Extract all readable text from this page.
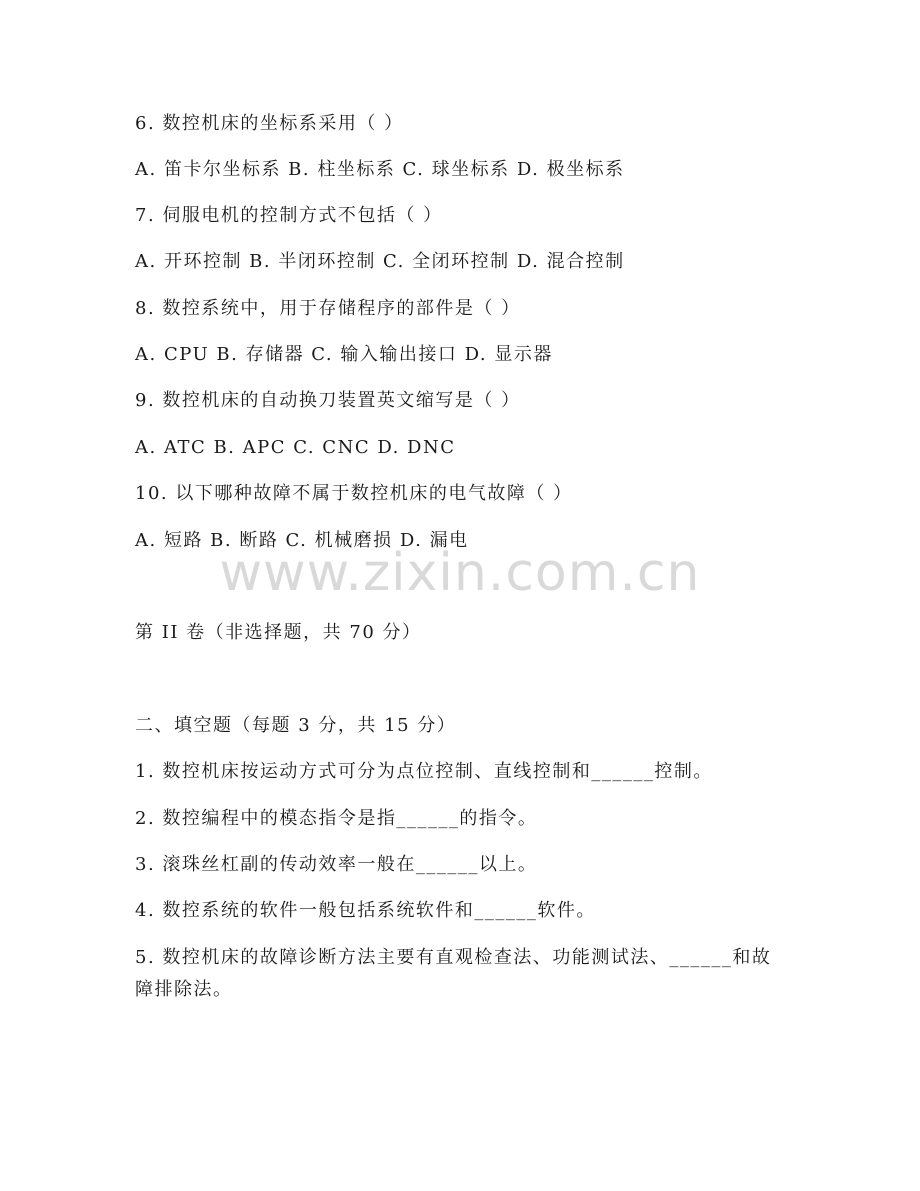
6. 数控机床的坐标系采用（ ）
A. 笛卡尔坐标系 B. 柱坐标系 C. 球坐标系 D. 极坐标系
7. 伺服电机的控制方式不包括（ ）
A. 开环控制 B. 半闭环控制 C. 全闭环控制 D. 混合控制
8. 数控系统中，用于存储程序的部件是（ ）
A. CPU B. 存储器 C. 输入输出接口 D. 显示器
9. 数控机床的自动换刀装置英文缩写是（ ）
A. ATC B. APC C. CNC D. DNC
10. 以下哪种故障不属于数控机床的电气故障（ ）
A. 短路 B. 断路 C. 机械磨损 D. 漏电
www.zixin.com.cn
第 II 卷（非选择题，共 70 分）
二、填空题（每题 3 分，共 15 分）
1. 数控机床按运动方式可分为点位控制、直线控制和______控制。
2. 数控编程中的模态指令是指______的指令。
3. 滚珠丝杠副的传动效率一般在______以上。
4. 数控系统的软件一般包括系统软件和______软件。
5. 数控机床的故障诊断方法主要有直观检查法、功能测试法、______和故障排除法。
